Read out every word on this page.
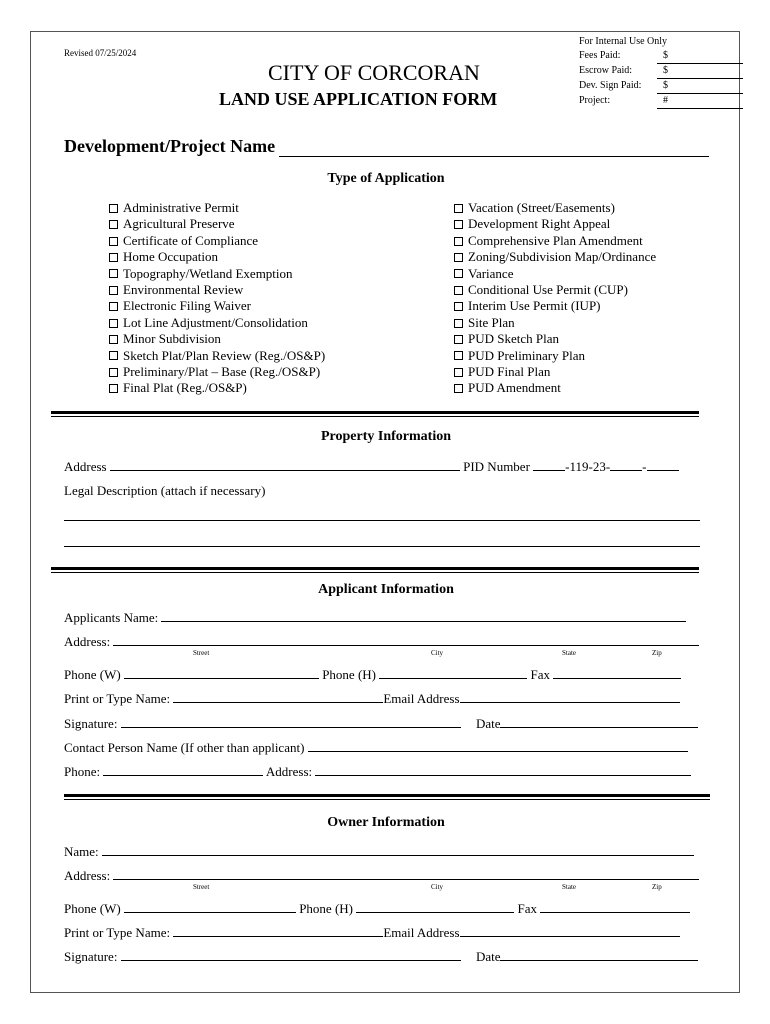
Revised 07/25/2024
CITY OF CORCORAN
LAND USE APPLICATION FORM
For Internal Use Only
Fees Paid:	$
Escrow Paid:	$
Dev. Sign Paid:	$
Project:	#
Development/Project Name
Type of Application
Administrative Permit
Agricultural Preserve
Certificate of Compliance
Home Occupation
Topography/Wetland Exemption
Environmental Review
Electronic Filing Waiver
Lot Line Adjustment/Consolidation
Minor Subdivision
Sketch Plat/Plan Review (Reg./OS&P)
Preliminary/Plat – Base (Reg./OS&P)
Final Plat (Reg./OS&P)
Vacation (Street/Easements)
Development Right Appeal
Comprehensive Plan Amendment
Zoning/Subdivision Map/Ordinance
Variance
Conditional Use Permit (CUP)
Interim Use Permit (IUP)
Site Plan
PUD Sketch Plan
PUD Preliminary Plan
PUD Final Plan
PUD Amendment
Property Information
Address	PID Number	-119-23- -
Legal Description (attach if necessary)
Applicant Information
Applicants Name:
Address:
Street	City	State	Zip
Phone (W)	Phone (H)	Fax
Print or Type Name:	Email Address
Signature:	Date
Contact Person Name (If other than applicant)
Phone:	Address:
Owner Information
Name:
Address:
Street	City	State	Zip
Phone (W)	Phone (H)	Fax
Print or Type Name:	Email Address
Signature:	Date
